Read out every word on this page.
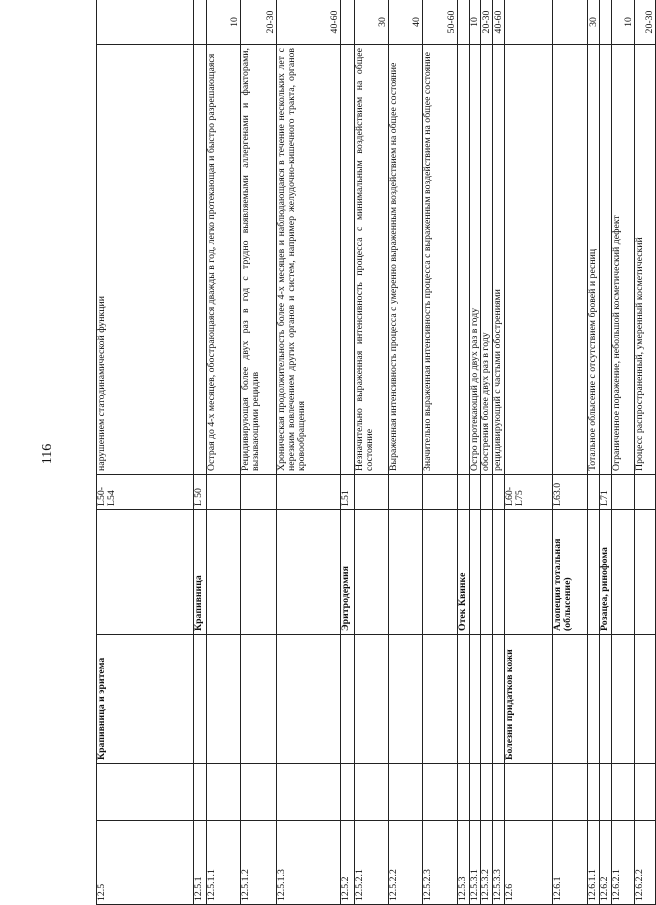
116
12.5		Крапивница и эритема		L50-L54	нарушением статодинамической функции	
12.5.1			Крапивница	L 50		
12.5.1.1					Острая до 4-х месяцев, обострающаяся дважды в год, легко протекающая и быстро разрешающаяся	10
12.5.1.2					Рецидивирующая более двух раз в год с трудно выявляемыми аллергенами и факторами, вызывающими рецидив	20-30
12.5.1.3					Хроническая продолжительность более 4-х месяцев и наблюдающаяся в течение нескольких лет с нерезким вовлечением других органов и систем, например желудочно-кишечного тракта, органов кровообращения	40-60
12.5.2			Эритродермия	L51		
12.5.2.1					Незначительно выраженная интенсивность процесса с минимальным воздействием на общее состояние	30
12.5.2.2					Выраженная интенсивность процесса с умеренно выраженным воздействием на общее состояние	40
12.5.2.3					Значительно выраженная интенсивность процесса с выраженным воздействием на общее состояние	50-60
12.5.3			Отек Квинке			
12.5.3.1					Остро протекающий до двух раз в году	10
12.5.3.2					обострения более двух раз в году	20-30
12.5.3.3					рецидивирующий с частыми обострениями	40-60
12.6		Болезни придатков кожи		L60-L75		
12.6.1			Алопеция тотальная (облысение)	L63.0		
12.6.1.1					Тотальное облысение с отсутствием бровей и ресниц	30
12.6.2			Розацеа, ринофома	L71		
12.6.2.1					Ограниченное поражение, небольшой косметический дефект	10
12.6.2.2					Процесс распространенный, умеренный косметический	20-30
